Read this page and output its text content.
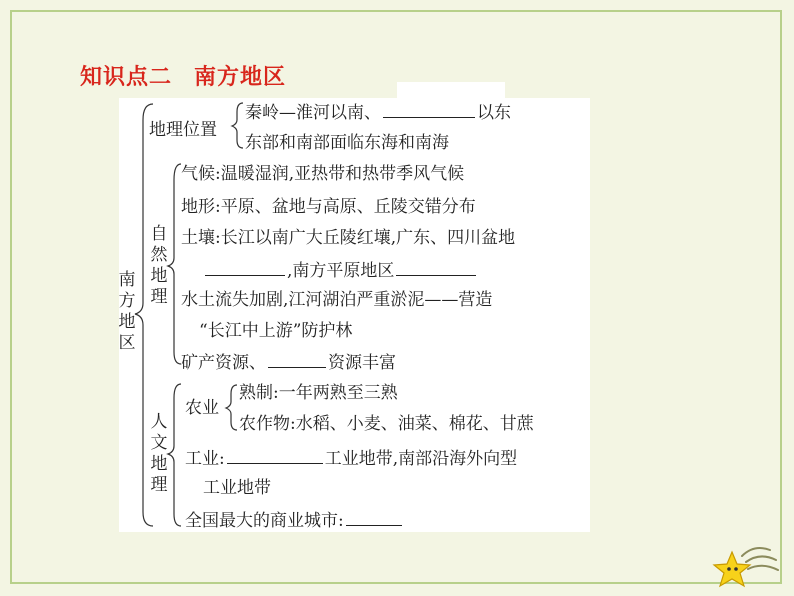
知识点二 南方地区
南
方
地
区
地理位置
秦岭—淮河以南、	以东
东部和南部面临东海和南海
自
然
地
理
气候:温暖湿润,亚热带和热带季风气候
地形:平原、盆地与高原、丘陵交错分布
土壤:长江以南广大丘陵红壤,广东、四川盆地
,南方平原地区
水土流失加剧,江河湖泊严重淤泥——营造
“长江中上游”防护林
矿产资源、	资源丰富
人
文
地
理
农业
熟制:一年两熟至三熟
农作物:水稻、小麦、油菜、棉花、甘蔗
工业:	工业地带,南部沿海外向型
工业地带
全国最大的商业城市:
